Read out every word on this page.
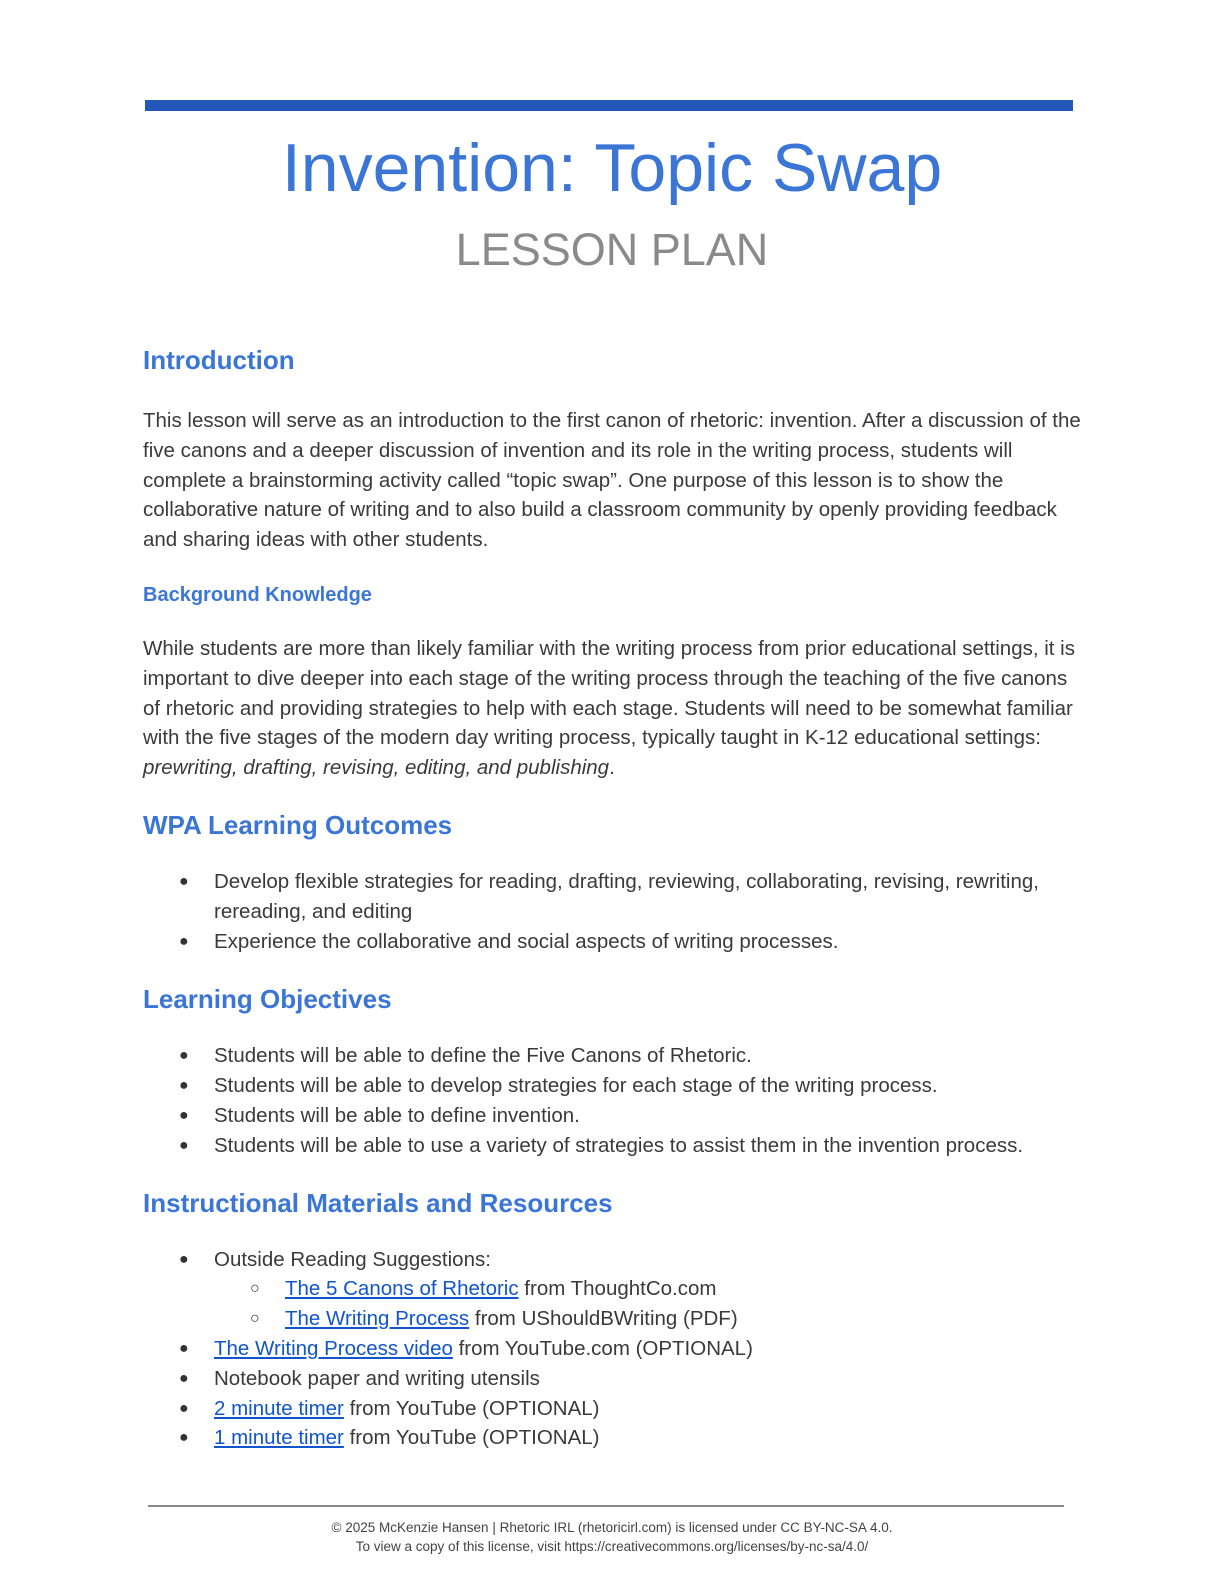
Invention: Topic Swap
LESSON PLAN
Introduction

This lesson will serve as an introduction to the first canon of rhetoric: invention. After a discussion of the five canons and a deeper discussion of invention and its role in the writing process, students will complete a brainstorming activity called “topic swap”. One purpose of this lesson is to show the collaborative nature of writing and to also build a classroom community by openly providing feedback and sharing ideas with other students.

Background Knowledge

While students are more than likely familiar with the writing process from prior educational settings, it is important to dive deeper into each stage of the writing process through the teaching of the five canons of rhetoric and providing strategies to help with each stage. Students will need to be somewhat familiar with the five stages of the modern day writing process, typically taught in K-12 educational settings: prewriting, drafting, revising, editing, and publishing.

WPA Learning Outcomes
● Develop flexible strategies for reading, drafting, reviewing, collaborating, revising, rewriting, rereading, and editing
● Experience the collaborative and social aspects of writing processes.
Learning Objectives
● Students will be able to define the Five Canons of Rhetoric.
● Students will be able to develop strategies for each stage of the writing process.
● Students will be able to define invention.
● Students will be able to use a variety of strategies to assist them in the invention process.
Instructional Materials and Resources
● Outside Reading Suggestions:
○ The 5 Canons of Rhetoric from ThoughtCo.com
○ The Writing Process from UShouldBWriting (PDF)
● The Writing Process video from YouTube.com (OPTIONAL)
● Notebook paper and writing utensils
● 2 minute timer from YouTube (OPTIONAL)
● 1 minute timer from YouTube (OPTIONAL)
© 2025 McKenzie Hansen | Rhetoric IRL (rhetoricirl.com) is licensed under CC BY-NC-SA 4.0.
To view a copy of this license, visit https://creativecommons.org/licenses/by-nc-sa/4.0/
